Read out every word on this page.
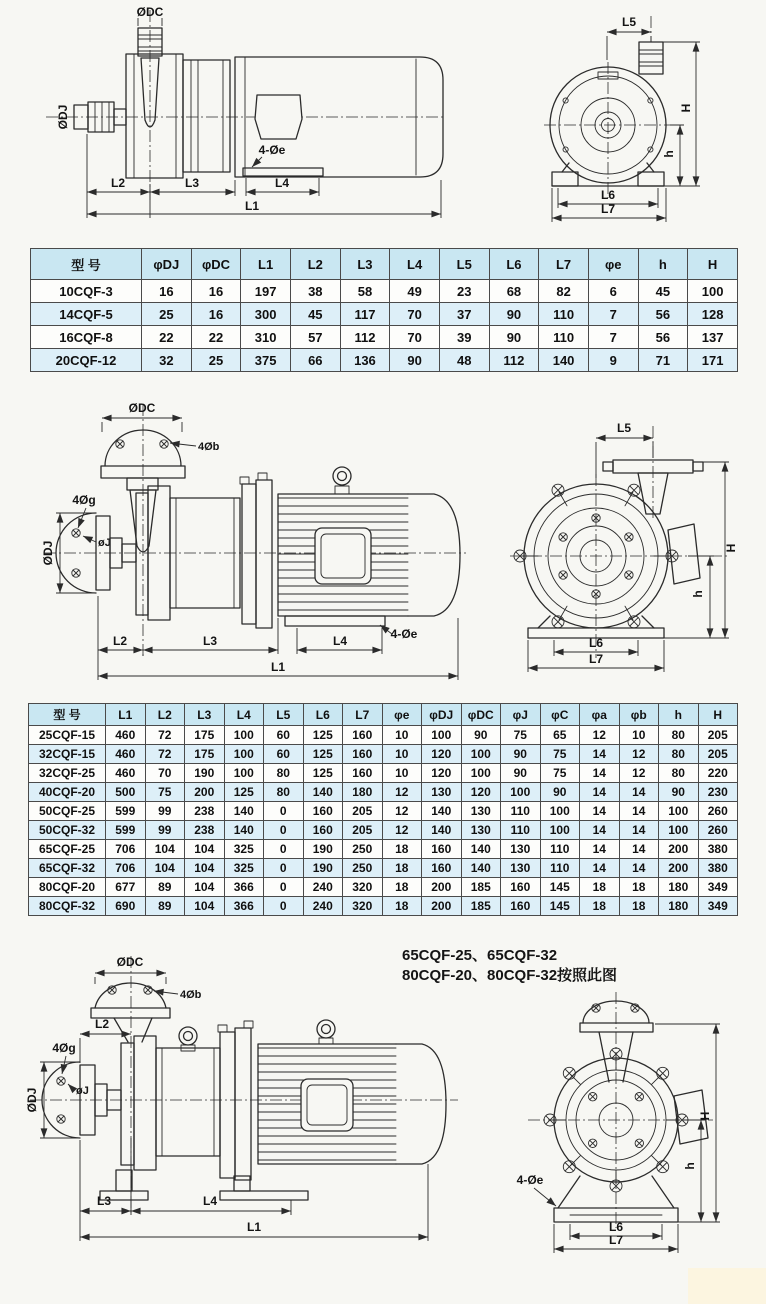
ØDJ
ØDC
4-Øe
L2	L3	L4
L1
L5
H
h
L6
L7
型 号	φDJ	φDC	L1	L2	L3	L4	L5	L6	L7	φe	h	H
10CQF-3	16	16	197	38	58	49	23	68	82	6	45	100
14CQF-5	25	16	300	45	117	70	37	90	110	7	56	128
16CQF-8	22	22	310	57	112	70	39	90	110	7	56	137
20CQF-12	32	25	375	66	136	90	48	112	140	9	71	171
ØDC
4Øb
4Øg
øJ
ØDJ
4-Øe
L2	L3	L4
L1
L5
H
h
L6
L7
型 号	L1	L2	L3	L4	L5	L6	L7	φe	φDJ	φDC	φJ	φC	φa	φb	h	H
25CQF-15	460	72	175	100	60	125	160	10	100	90	75	65	12	10	80	205
32CQF-15	460	72	175	100	60	125	160	10	120	100	90	75	14	12	80	205
32CQF-25	460	70	190	100	80	125	160	10	120	100	90	75	14	12	80	220
40CQF-20	500	75	200	125	80	140	180	12	130	120	100	90	14	14	90	230
50CQF-25	599	99	238	140	0	160	205	12	140	130	110	100	14	14	100	260
50CQF-32	599	99	238	140	0	160	205	12	140	130	110	100	14	14	100	260
65CQF-25	706	104	104	325	0	190	250	18	160	140	130	110	14	14	200	380
65CQF-32	706	104	104	325	0	190	250	18	160	140	130	110	14	14	200	380
80CQF-20	677	89	104	366	0	240	320	18	200	185	160	145	18	18	180	349
80CQF-32	690	89	104	366	0	240	320	18	200	185	160	145	18	18	180	349
65CQF-25、65CQF-32
80CQF-20、80CQF-32按照此图
ØDC
4Øb
L2
4Øg
øJ
ØDJ
L3	L4
L1
4-Øe
H
h
L6
L7
